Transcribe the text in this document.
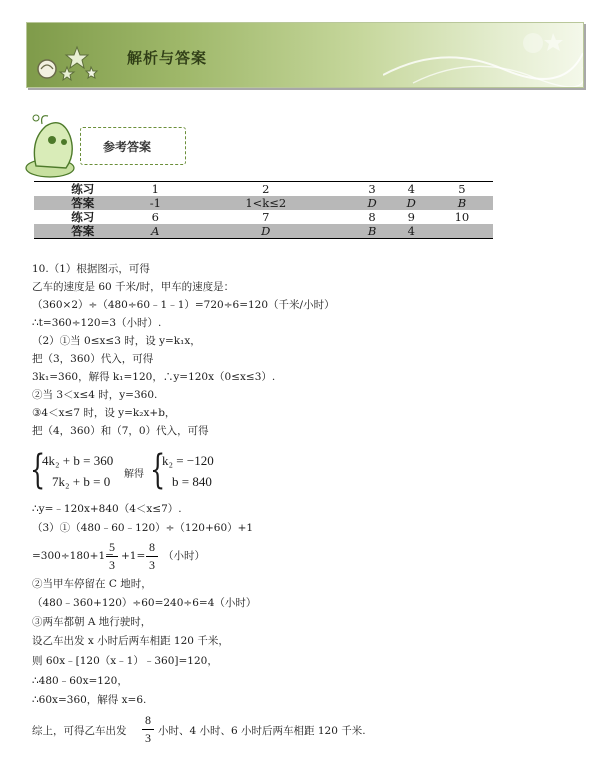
解析与答案
参考答案
练习	1	2	3	4	5
答案	-1	1<k≤2	D	D	B
练习	6	7	8	9	10
答案	A	D	B	4	
10.（1）根据图示，可得
乙车的速度是 60 千米/时，甲车的速度是：
（360×2）÷（480÷60﹣1﹣1）=720÷6=120（千米/小时）
∴t=360÷120=3（小时）.
（2）①当 0≤x≤3 时，设 y=k₁x，
把（3，360）代入，可得
3k₁=360，解得 k₁=120，∴y=120x（0≤x≤3）.
②当 3＜x≤4 时，y=360.
③4＜x≤7 时，设 y=k₂x+b，
把（4，360）和（7，0）代入，可得
{
4k₂ + b = 360
7k₂ + b = 0 解得 {
k₂ = −120
b = 840
∴y=﹣120x+840（4＜x≤7）.
（3）①（480﹣60﹣120）÷（120+60）+1
=300÷180+1=
5
3
+1=
8
3
（小时）
②当甲车停留在 C 地时，
（480﹣360+120）÷60=240÷6=4（小时）
③两车都朝 A 地行驶时，
设乙车出发 x 小时后两车相距 120 千米，
则 60x﹣[120（x﹣1）﹣360]=120，
∴480﹣60x=120，
∴60x=360，解得 x=6.
综上，可得乙车出发
8
3 小时、4 小时、6 小时后两车相距 120 千米.
